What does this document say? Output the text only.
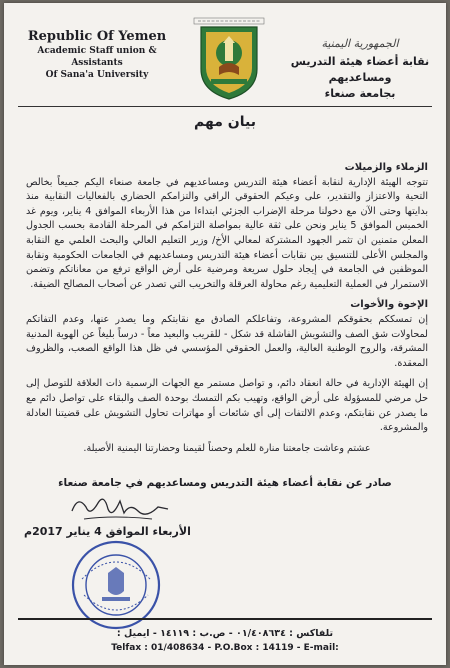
Republic Of Yemen
Academic Staff union & Assistants
Of Sana'a University
الجمهورية اليمنية
نقابة أعضاء هيئة التدريس ومساعديهم
بجامعة صنعاء
بيان مهم

الزملاء والزميلات

تتوجه الهيئة الإدارية لنقابة أعضاء هيئة التدريس ومساعديهم في جامعة صنعاء اليكم جميعاً بخالص التحية والاعتزاز والتقدير، على وعيكم الحقوقي الراقي والتزامكم الحضاري بالفعاليات النقابية منذ بدايتها وحتى الآن مع دخولنا مرحلة الإضراب الجزئي ابتداءا من هذا الأربعاء الموافق 4 يناير، ويوم غد الخميس الموافق 5 يناير ونحن على ثقة عالية بمواصلة التزامكم في المرحلة القادمة بحسب الجدول المعلن متمنين ان تثمر الجهود المشتركة لمعالي الأخ/ وزير التعليم العالي والبحث العلمي مع النقابة والمجلس الأعلى للتنسيق بين نقابات أعضاء هيئة التدريس ومساعديهم في الجامعات الحكومية ونقابة الموظفين في الجامعة في إيجاد حلول سريعة ومرضية على أرض الواقع ترفع من معاناتكم وتضمن الاستمرار في العملية التعليمية رغم محاولة العرقلة والتخريب التي تصدر عن أصحاب المصالح الضيقة.

الإخوة والأخوات

إن تمسككم بحقوقكم المشروعة، وتفاعلكم الصادق مع نقابتكم وما يصدر عنها، وعدم التفاتكم لمحاولات شق الصف والتشويش الفاشلة قد شكل - للقريب والبعيد معاً - درساً بليغاً عن الهوية المدنية المشرقة، والروح الوطنية العالية، والعمل الحقوقي المؤسسي في ظل هذا الواقع الصعب، والظروف المعقدة.

إن الهيئة الإدارية في حالة انعقاد دائم، و تواصل مستمر مع الجهات الرسمية ذات العلاقة للتوصل إلى حل مرضي للمسؤولة على أرض الواقع، وتهيب بكم التمسك بوحدة الصف والبقاء على تواصل دائم مع ما يصدر عن نقابتكم، وعدم الالتفات إلى أي شائعات أو مهاترات تحاول التشويش على قضيتنا العادلة والمشروعة.

عشتم وعاشت جامعتنا منارة للعلم وحصناً لقيمنا وحضارتنا اليمنية الأصيلة.

صادر عن نقابة أعضاء هيئة التدريس ومساعديهم في جامعة صنعاء
الأربعاء الموافق 4 يناير 2017م
تلفاكس : ٠١/٤٠٨٦٣٤ - ص.ب : ١٤١١٩ - ايميل :
Telfax : 01/408634 - P.O.Box : 14119 - E-mail:
